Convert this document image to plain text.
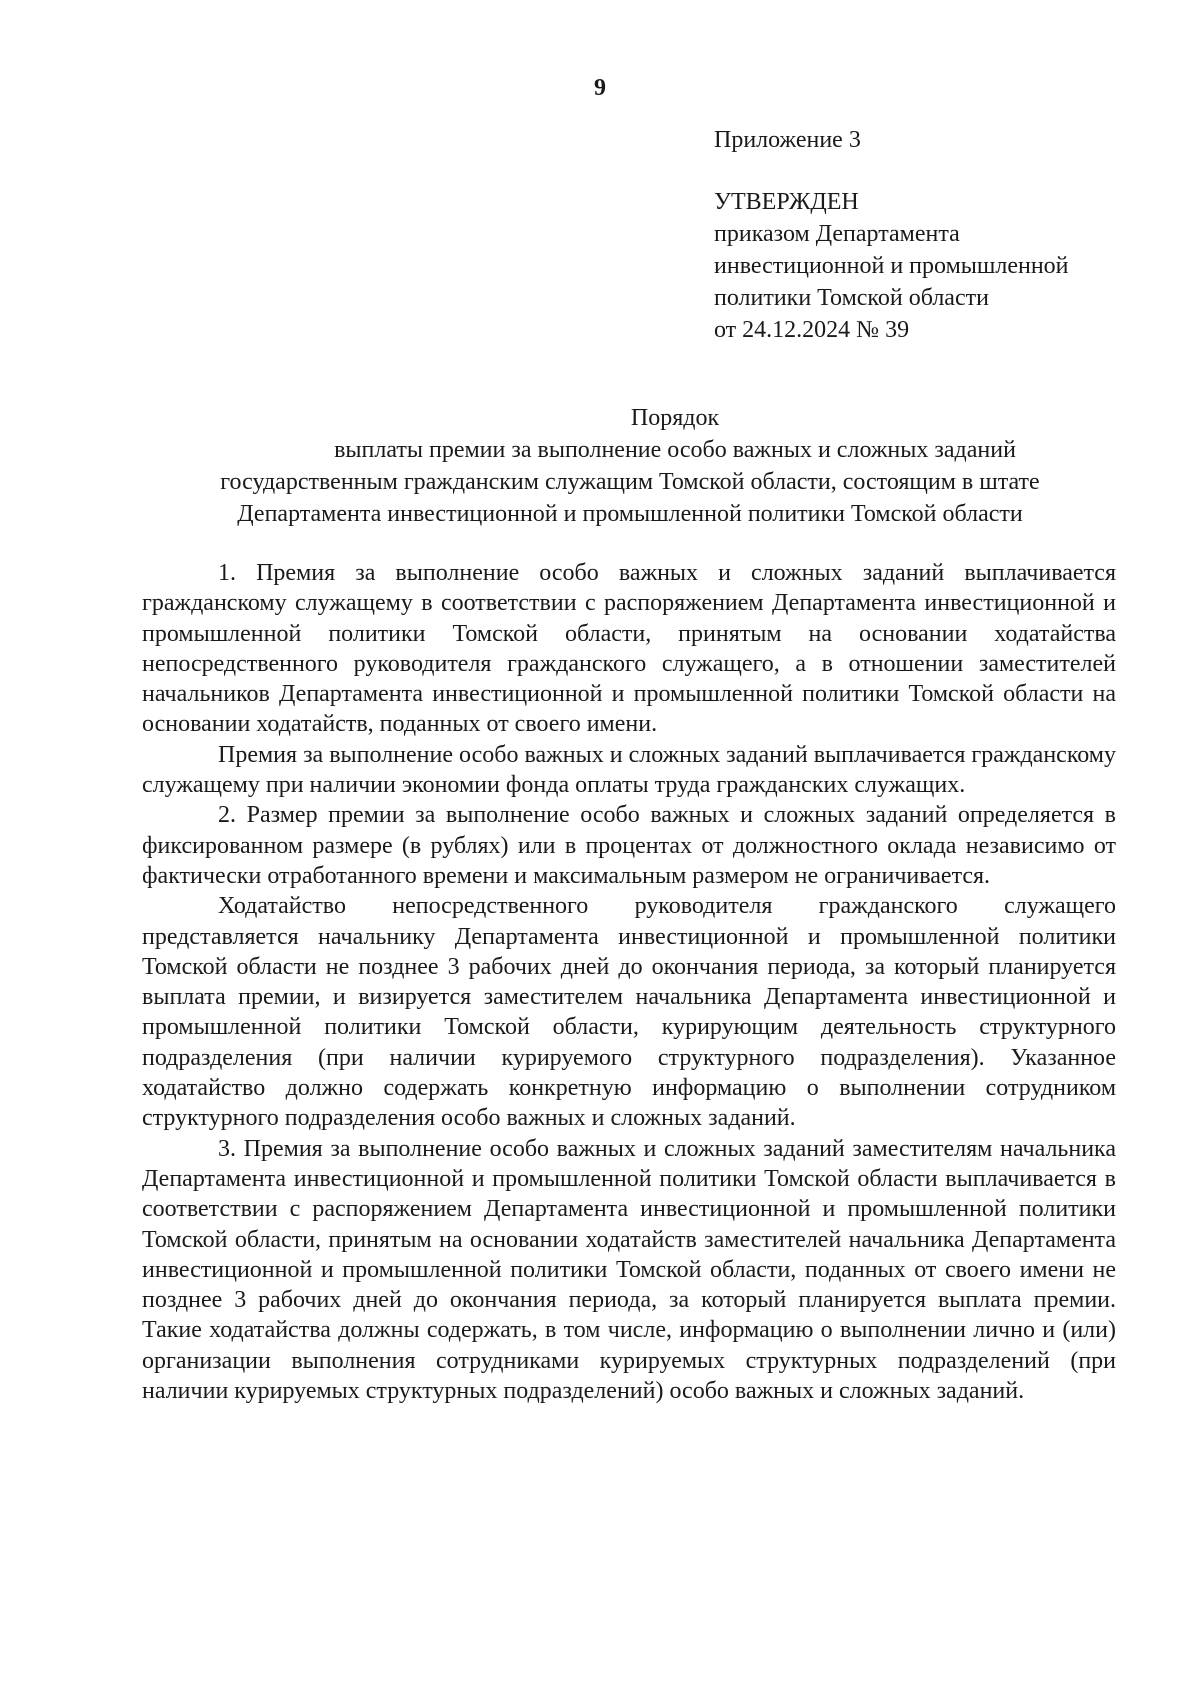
9
Приложение 3
УТВЕРЖДЕН
приказом Департамента
инвестиционной и промышленной
политики Томской области
от 24.12.2024 № 39
Порядок
выплаты премии за выполнение особо важных и сложных заданий
государственным гражданским служащим Томской области, состоящим в штате
Департамента инвестиционной и промышленной политики Томской области

1. Премия за выполнение особо важных и сложных заданий выплачивается гражданскому служащему в соответствии с распоряжением Департамента инвестиционной и промышленной политики Томской области, принятым на основании ходатайства непосредственного руководителя гражданского служащего, а в отношении заместителей начальников Департамента инвестиционной и промышленной политики Томской области на основании ходатайств, поданных от своего имени.

Премия за выполнение особо важных и сложных заданий выплачивается гражданскому служащему при наличии экономии фонда оплаты труда гражданских служащих.

2. Размер премии за выполнение особо важных и сложных заданий определяется в фиксированном размере (в рублях) или в процентах от должностного оклада независимо от фактически отработанного времени и максимальным размером не ограничивается.

Ходатайство непосредственного руководителя гражданского служащего представляется начальнику Департамента инвестиционной и промышленной политики Томской области не позднее 3 рабочих дней до окончания периода, за который планируется выплата премии, и визируется заместителем начальника Департамента инвестиционной и промышленной политики Томской области, курирующим деятельность структурного подразделения (при наличии курируемого структурного подразделения). Указанное ходатайство должно содержать конкретную информацию о выполнении сотрудником структурного подразделения особо важных и сложных заданий.

3. Премия за выполнение особо важных и сложных заданий заместителям начальника Департамента инвестиционной и промышленной политики Томской области выплачивается в соответствии с распоряжением Департамента инвестиционной и промышленной политики Томской области, принятым на основании ходатайств заместителей начальника Департамента инвестиционной и промышленной политики Томской области, поданных от своего имени не позднее 3 рабочих дней до окончания периода, за который планируется выплата премии. Такие ходатайства должны содержать, в том числе, информацию о выполнении лично и (или) организации выполнения сотрудниками курируемых структурных подразделений (при наличии курируемых структурных подразделений) особо важных и сложных заданий.
